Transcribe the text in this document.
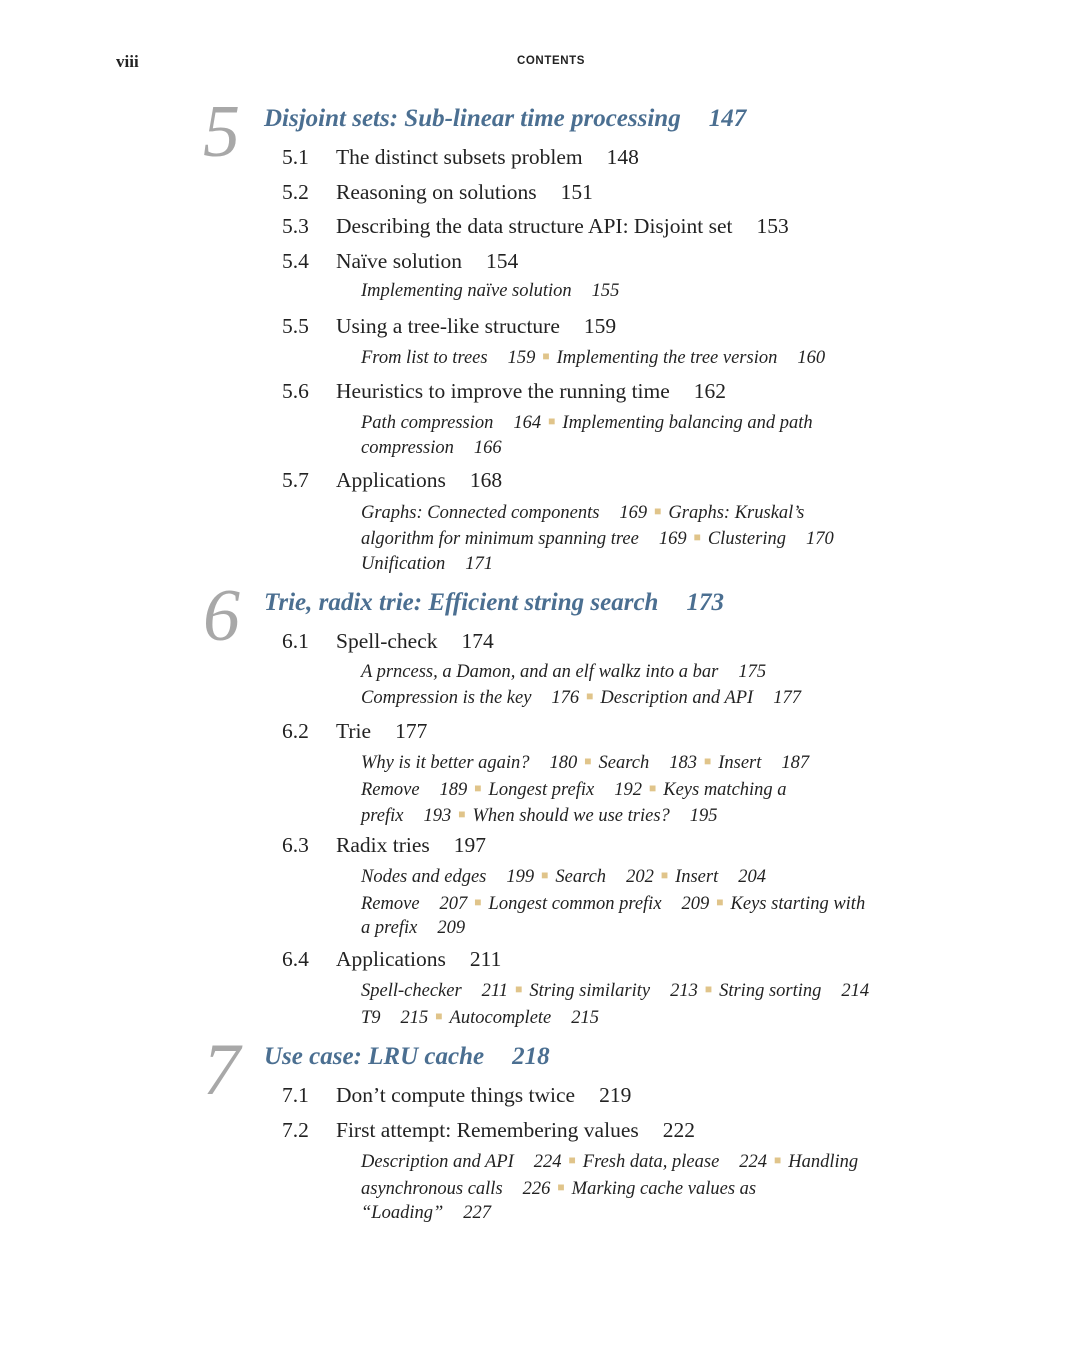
viii	CONTENTS
5 Disjoint sets: Sub-linear time processing 147
5.1 The distinct subsets problem 148
5.2 Reasoning on solutions 151
5.3 Describing the data structure API: Disjoint set 153
5.4 Naïve solution 154
Implementing naïve solution 155
5.5 Using a tree-like structure 159
From list to trees 159 ■ Implementing the tree version 160
5.6 Heuristics to improve the running time 162
Path compression 164 ■ Implementing balancing and path
compression 166
5.7 Applications 168
Graphs: Connected components 169 ■ Graphs: Kruskal’s
algorithm for minimum spanning tree 169 ■ Clustering 170
Unification 171
6 Trie, radix trie: Efficient string search 173
6.1 Spell-check 174
A prncess, a Damon, and an elf walkz into a bar 175
Compression is the key 176 ■ Description and API 177
6.2 Trie 177
Why is it better again? 180 ■ Search 183 ■ Insert 187
Remove 189 ■ Longest prefix 192 ■ Keys matching a
prefix 193 ■ When should we use tries? 195
6.3 Radix tries 197
Nodes and edges 199 ■ Search 202 ■ Insert 204
Remove 207 ■ Longest common prefix 209 ■ Keys starting with
a prefix 209
6.4 Applications 211
Spell-checker 211 ■ String similarity 213 ■ String sorting 214
T9 215 ■ Autocomplete 215
7 Use case: LRU cache 218
7.1 Don’t compute things twice 219
7.2 First attempt: Remembering values 222
Description and API 224 ■ Fresh data, please 224 ■ Handling
asynchronous calls 226 ■ Marking cache values as
“Loading” 227
